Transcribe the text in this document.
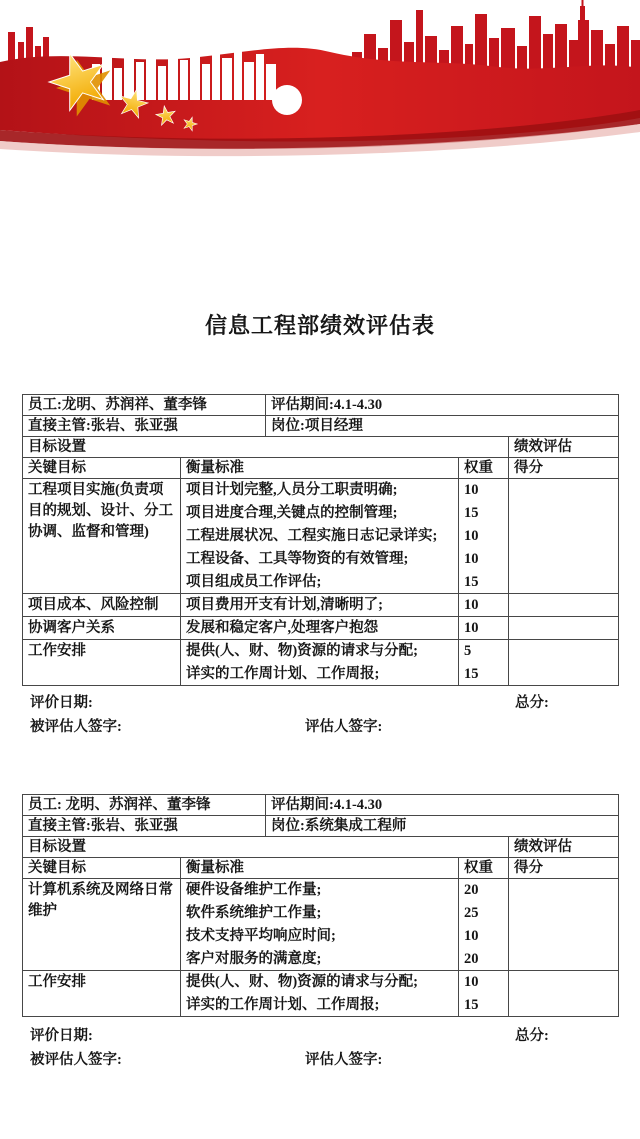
信息工程部绩效评估表
员工:龙明、苏润祥、董李锋		评估期间:4.1-4.30		
直接主管:张岩、张亚强		岗位:项目经理		
目标设置				绩效评估
关键目标	衡量标准		权重	得分
工程项目实施(负责项目的规划、设计、分工协调、监督和管理)	项目计划完整,人员分工职责明确;		10	
	项目进度合理,关键点的控制管理;		15	
	工程进展状况、工程实施日志记录详实;		10	
	工程设备、工具等物资的有效管理;		10	
	项目组成员工作评估;		15	
项目成本、风险控制	项目费用开支有计划,清晰明了;		10	
协调客户关系	发展和稳定客户,处理客户抱怨		10	
工作安排	提供(人、财、物)资源的请求与分配;		5	
	详实的工作周计划、工作周报;		15	
评价日期:	总分:
被评估人签字:	评估人签字:
员工: 龙明、苏润祥、董李锋		评估期间:4.1-4.30		
直接主管:张岩、张亚强		岗位:系统集成工程师		
目标设置				绩效评估
关键目标	衡量标准		权重	得分
计算机系统及网络日常维护	硬件设备维护工作量;		20	
	软件系统维护工作量;		25	
	技术支持平均响应时间;		10	
	客户对服务的满意度;		20	
工作安排	提供(人、财、物)资源的请求与分配;		10	
	详实的工作周计划、工作周报;		15	
评价日期:	总分:
被评估人签字:	评估人签字:
